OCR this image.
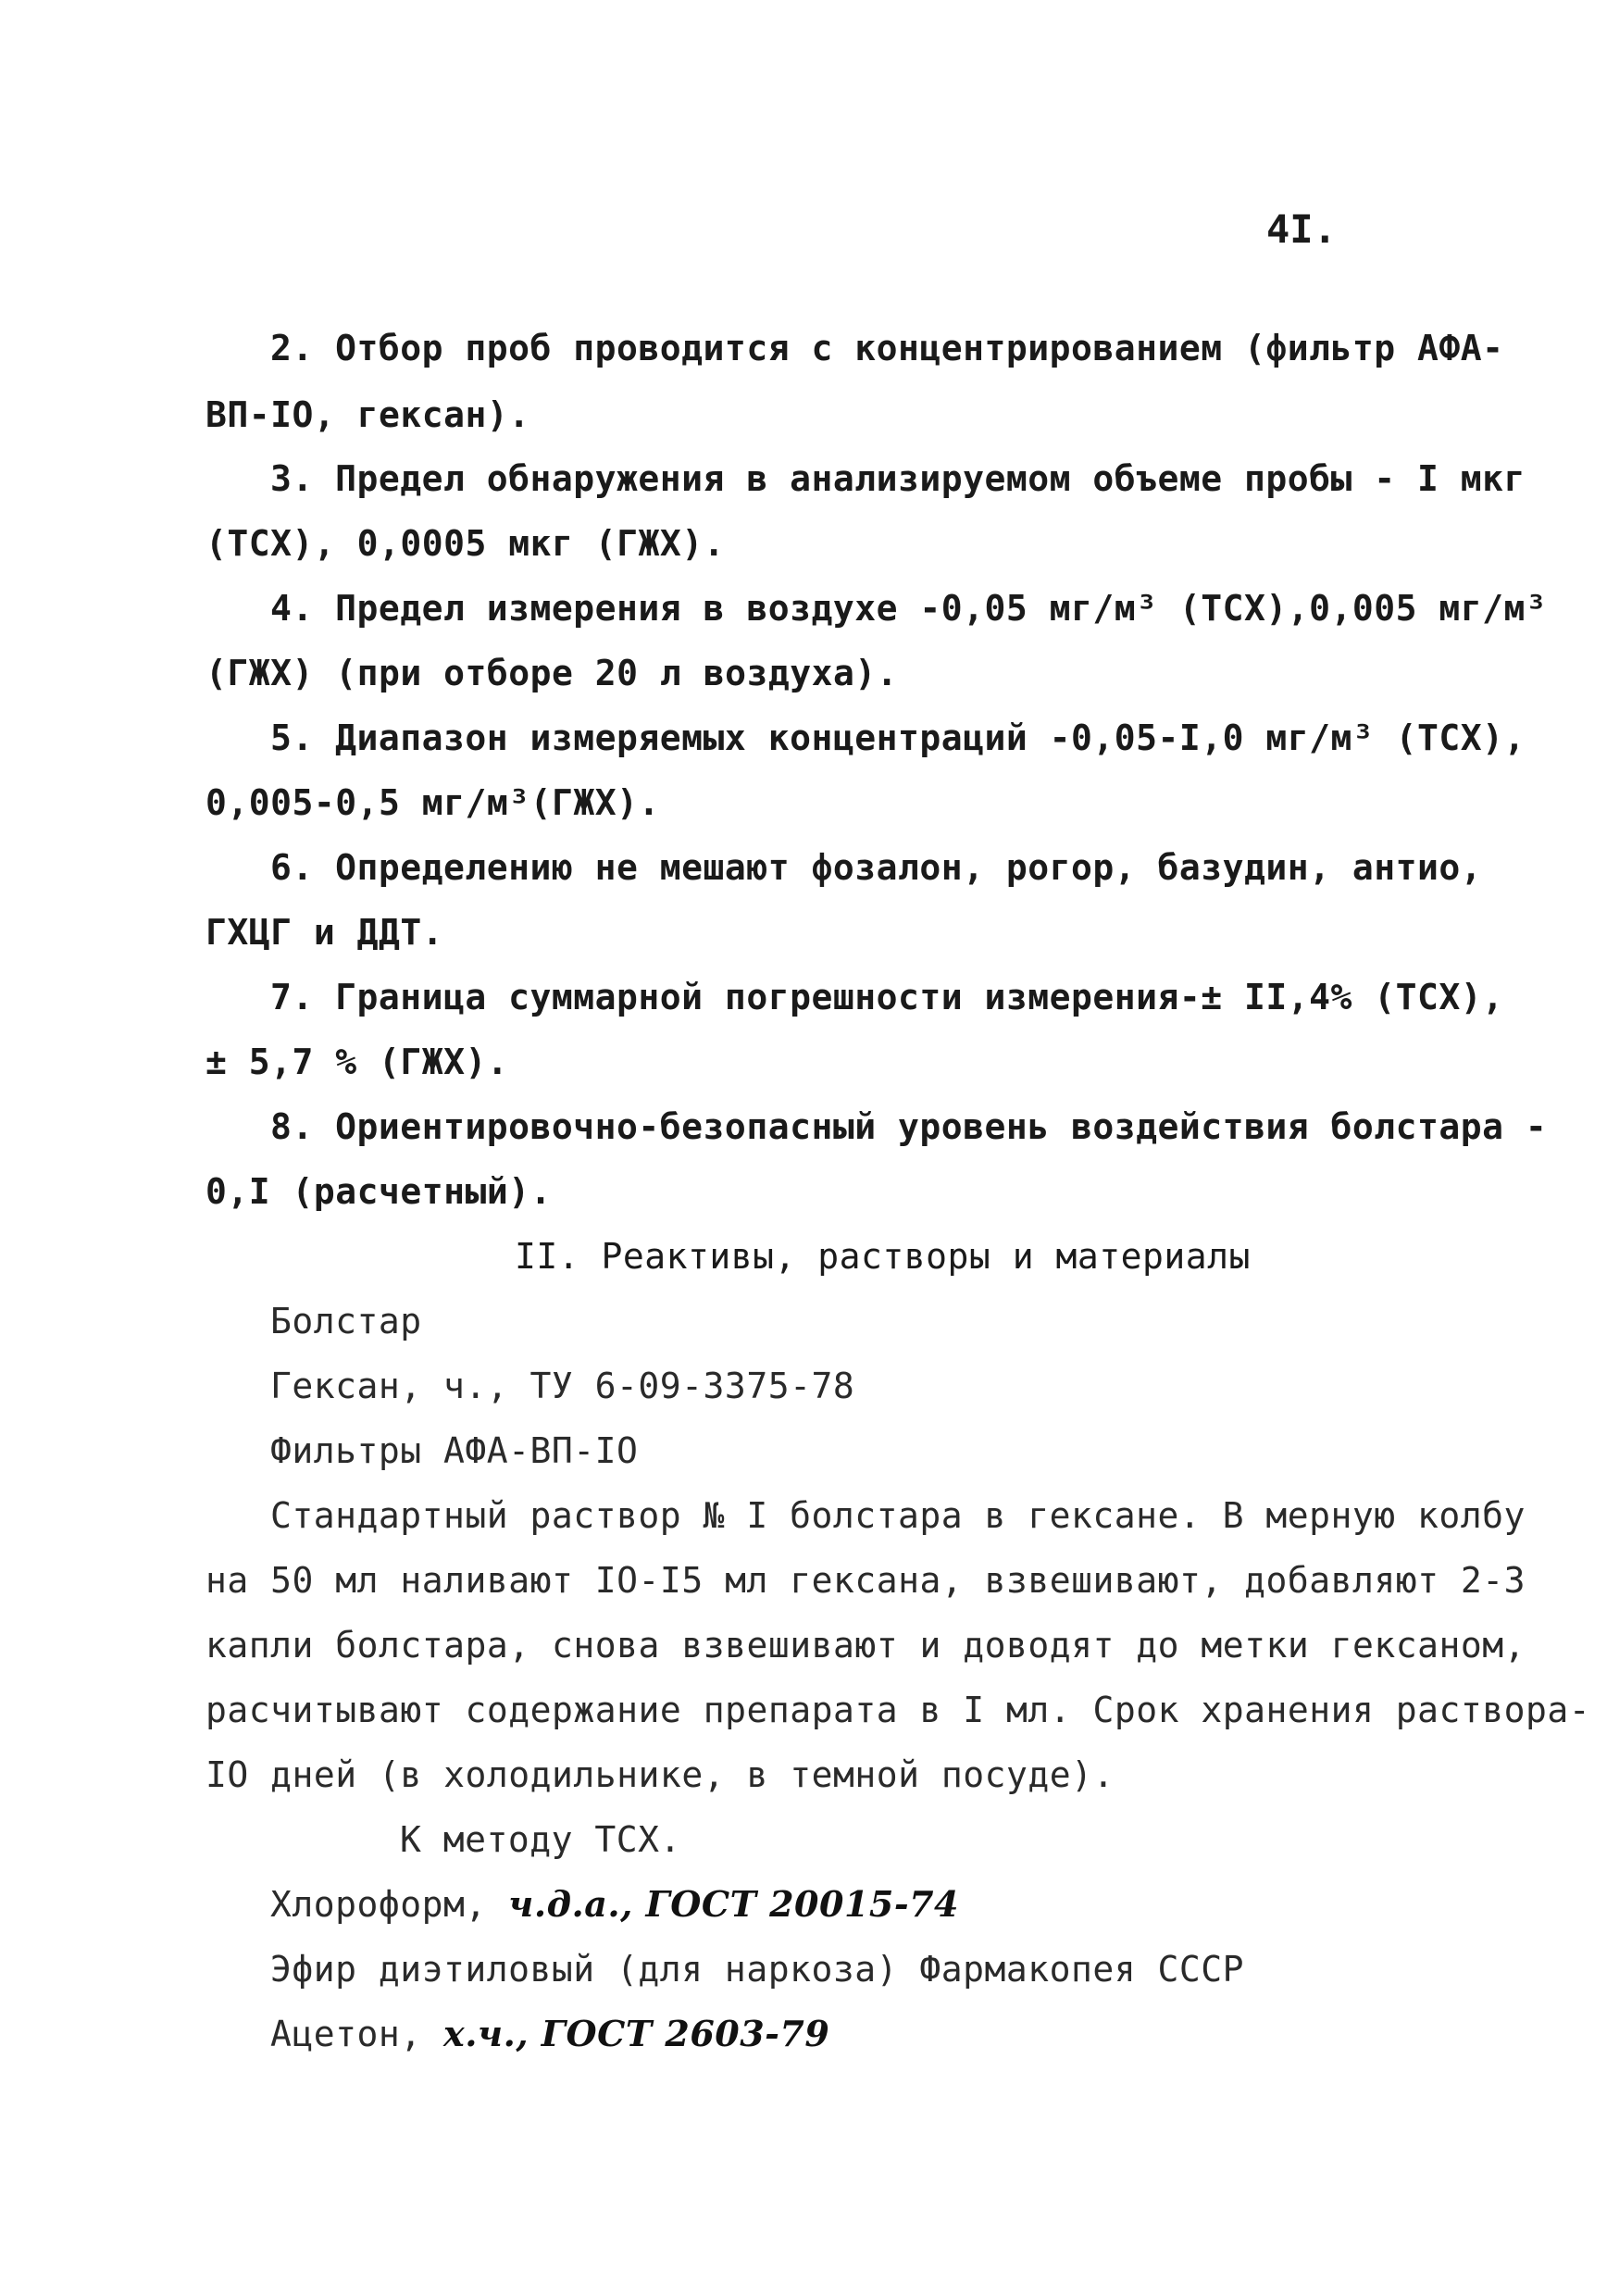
4I.
2. Отбор проб проводится с концентрированием (фильтр АФА-
ВП-IO, гексан).
3. Предел обнаружения в анализируемом объеме пробы - I мкг
(ТСХ), 0,0005 мкг (ГЖХ).
4. Предел измерения в воздухе -0,05 мг/м³ (ТСХ),0,005 мг/м³
(ГЖХ) (при отборе 20 л воздуха).
5. Диапазон измеряемых концентраций -0,05-I,0 мг/м³ (ТСХ),
0,005-0,5 мг/м³(ГЖХ).
6. Определению не мешают фозалон, рогор, базудин, антио,
ГХЦГ и ДДТ.
7. Граница суммарной погрешности измерения-± II,4% (ТСХ),
± 5,7 % (ГЖХ).
8. Ориентировочно-безопасный уровень воздействия болстара -
0,I (расчетный).
II. Реактивы, растворы и материалы
Болстар
Гексан, ч., ТУ 6-09-3375-78
Фильтры АФА-ВП-IO
Стандартный раствор № I болстара в гексане. В мерную колбу
на 50 мл наливают IO-I5 мл гексана, взвешивают, добавляют 2-3
капли болстара, снова взвешивают и доводят до метки гексаном,
расчитывают содержание препарата в I мл. Срок хранения раствора-
IO дней (в холодильнике, в темной посуде).
К методу ТСХ.
Хлороформ, ч.д.а., ГОСТ 20015-74
Эфир диэтиловый (для наркоза) Фармакопея СССР
Ацетон, х.ч., ГОСТ 2603-79
